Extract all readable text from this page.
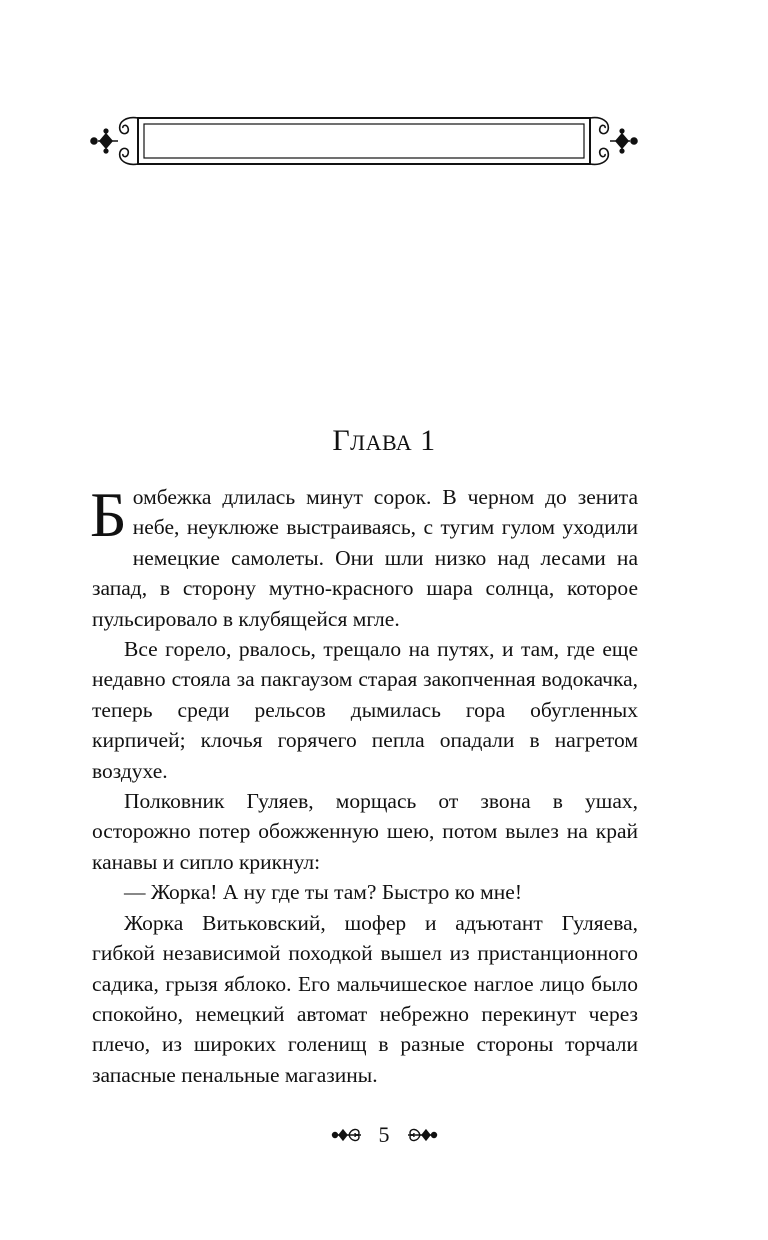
ГЛАВА 1

Бомбежка длилась минут сорок. В черном до зенита небе, неуклюже выстраиваясь, с тугим гулом уходили немецкие самолеты. Они шли низко над лесами на запад, в сторону мутно-красного шара солнца, которое пульсировало в клубящейся мгле.

Все горело, рвалось, трещало на путях, и там, где еще недавно стояла за пакгаузом старая закопченная водокачка, теперь среди рельсов дымилась гора обугленных кирпичей; клочья горячего пепла опадали в нагретом воздухе.

Полковник Гуляев, морщась от звона в ушах, осторожно потер обожженную шею, потом вылез на край канавы и сипло крикнул:

— Жорка! А ну где ты там? Быстро ко мне!

Жорка Витьковский, шофер и адъютант Гуляева, гибкой независимой походкой вышел из пристанционного садика, грызя яблоко. Его мальчишеское наглое лицо было спокойно, немецкий автомат небрежно перекинут через плечо, из широких голенищ в разные стороны торчали запасные пенальные магазины.

5
